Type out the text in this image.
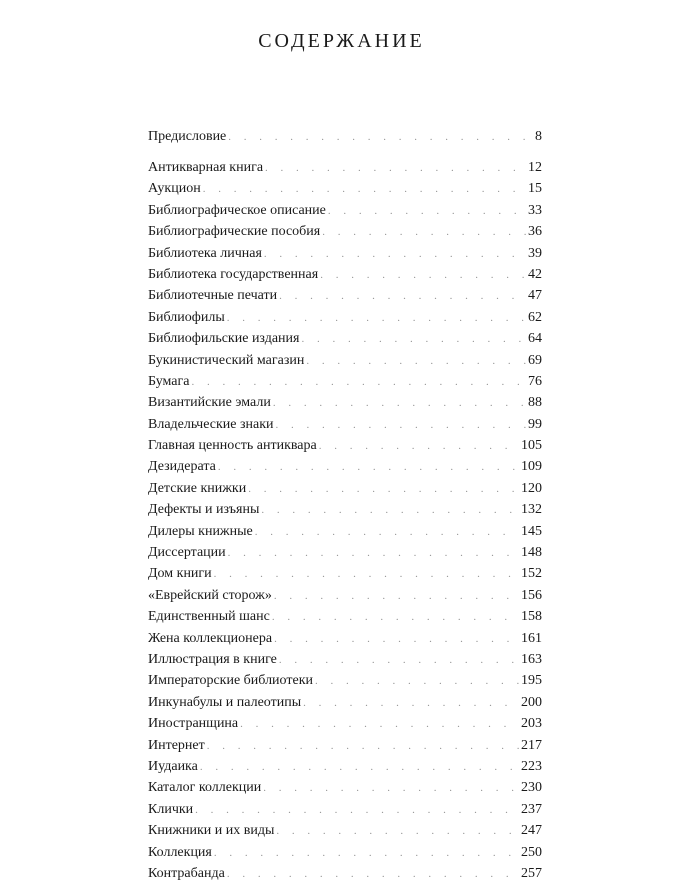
СОДЕРЖАНИЕ
Предисловие . . .	8
Антикварная книга . . .	12
Аукцион . . .	15
Библиографическое описание . . .	33
Библиографические пособия . . .	36
Библиотека личная . . .	39
Библиотека государственная . . .	42
Библиотечные печати . . .	47
Библиофилы . . .	62
Библиофильские издания . . .	64
Букинистический магазин . . .	69
Бумага . . .	76
Византийские эмали . . .	88
Владельческие знаки . . .	99
Главная ценность антиквара . . .	105
Дезидерата . . .	109
Детские книжки . . .	120
Дефекты и изъяны . . .	132
Дилеры книжные . . .	145
Диссертации . . .	148
Дом книги . . .	152
«Еврейский сторож» . . .	156
Единственный шанс . . .	158
Жена коллекционера . . .	161
Иллюстрация в книге . . .	163
Императорские библиотеки . . .	195
Инкунабулы и палеотипы . . .	200
Иностранщина . . .	203
Интернет . . .	217
Иудаика . . .	223
Каталог коллекции . . .	230
Клички . . .	237
Книжники и их виды . . .	247
Коллекция . . .	250
Контрабанда . . .	257
